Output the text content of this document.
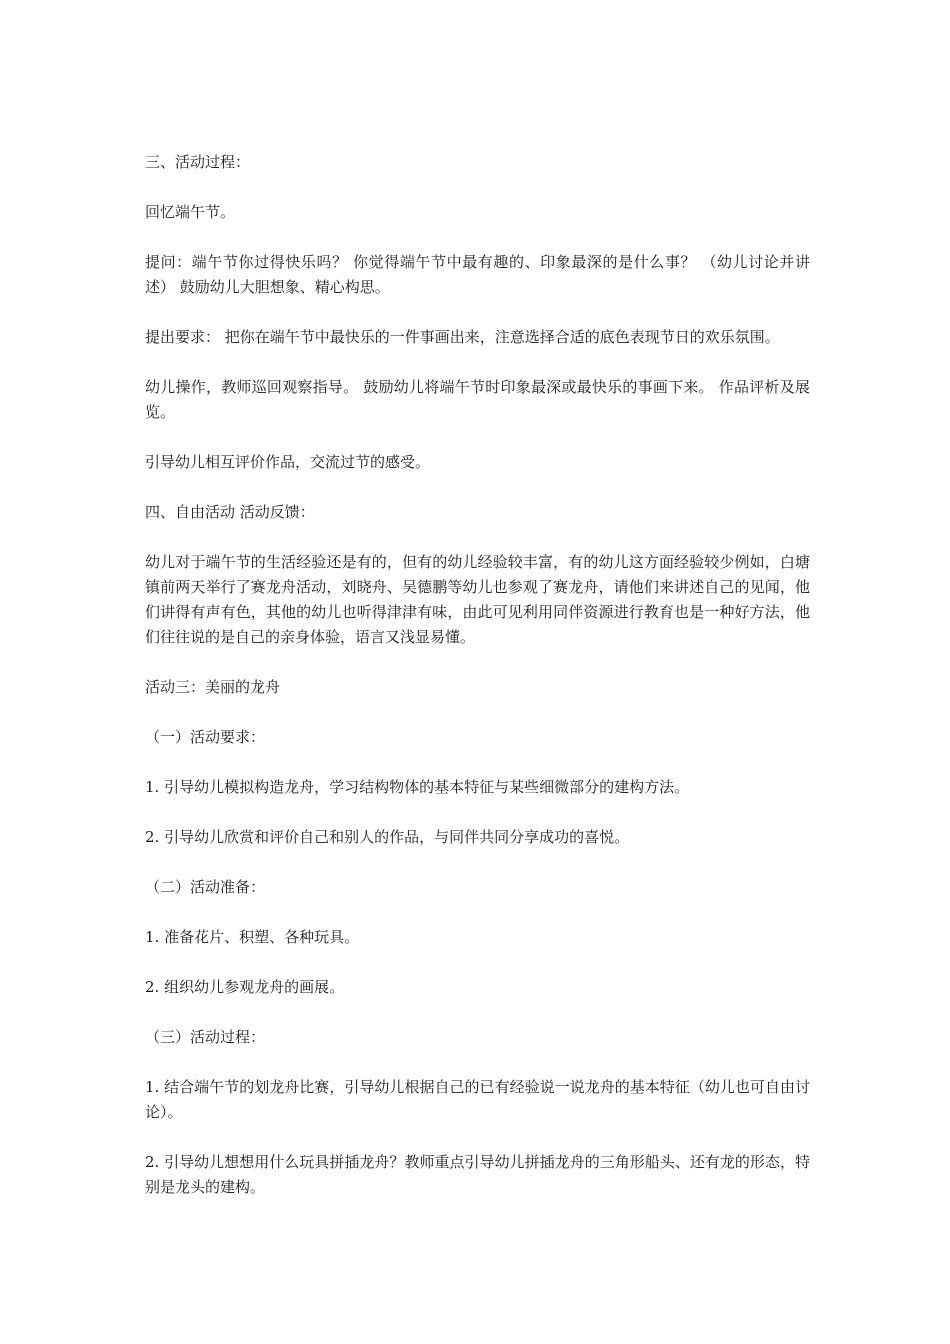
三、活动过程：

回忆端午节。

提问：端午节你过得快乐吗？ 你觉得端午节中最有趣的、印象最深的是什么事？ （幼儿讨论并讲述） 鼓励幼儿大胆想象、精心构思。

提出要求： 把你在端午节中最快乐的一件事画出来，注意选择合适的底色表现节日的欢乐氛围。

幼儿操作，教师巡回观察指导。 鼓励幼儿将端午节时印象最深或最快乐的事画下来。 作品评析及展览。

引导幼儿相互评价作品，交流过节的感受。

四、自由活动 活动反馈：

幼儿对于端午节的生活经验还是有的，但有的幼儿经验较丰富，有的幼儿这方面经验较少例如，白塘镇前两天举行了赛龙舟活动，刘晓舟、吴德鹏等幼儿也参观了赛龙舟，请他们来讲述自己的见闻，他们讲得有声有色，其他的幼儿也听得津津有味，由此可见利用同伴资源进行教育也是一种好方法，他们往往说的是自己的亲身体验，语言又浅显易懂。

活动三：美丽的龙舟

（一）活动要求：

1. 引导幼儿模拟构造龙舟，学习结构物体的基本特征与某些细微部分的建构方法。

2. 引导幼儿欣赏和评价自己和别人的作品，与同伴共同分享成功的喜悦。

（二）活动准备：

1. 准备花片、积塑、各种玩具。

2. 组织幼儿参观龙舟的画展。

（三）活动过程：

1. 结合端午节的划龙舟比赛，引导幼儿根据自己的已有经验说一说龙舟的基本特征（幼儿也可自由讨论）。

2. 引导幼儿想想用什么玩具拼插龙舟？教师重点引导幼儿拼插龙舟的三角形船头、还有龙的形态，特别是龙头的建构。
